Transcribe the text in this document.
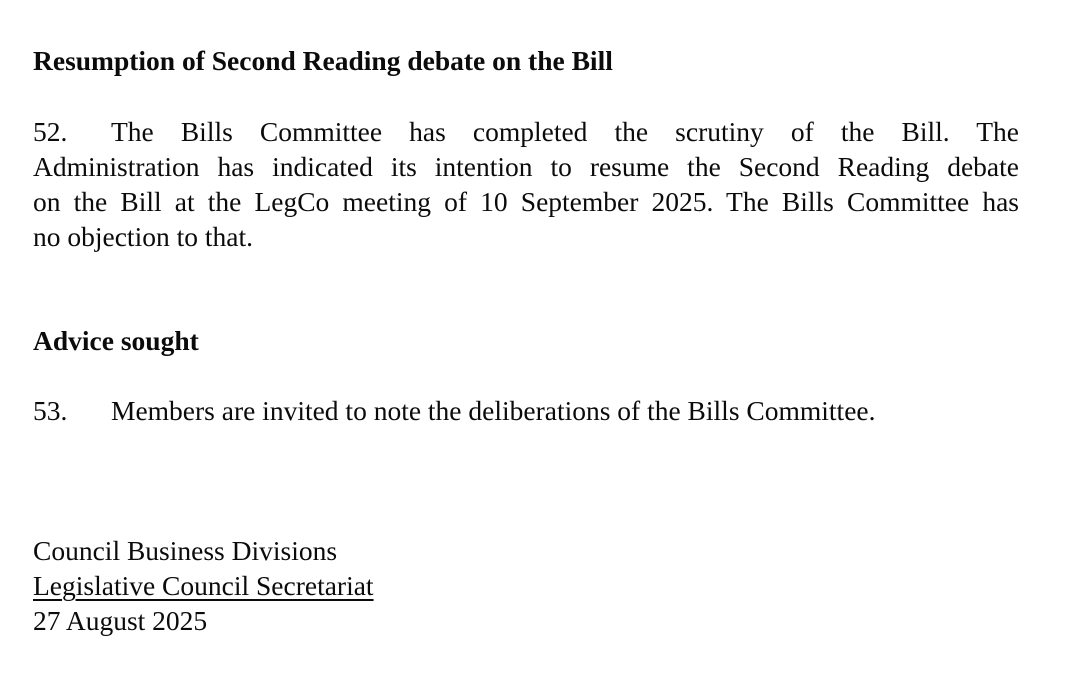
Resumption of Second Reading debate on the Bill
52. The Bills Committee has completed the scrutiny of the Bill. The
Administration has indicated its intention to resume the Second Reading debate
on the Bill at the LegCo meeting of 10 September 2025. The Bills Committee has
no objection to that.
Advice sought
53. Members are invited to note the deliberations of the Bills Committee.
Council Business Divisions
Legislative Council Secretariat
27 August 2025
